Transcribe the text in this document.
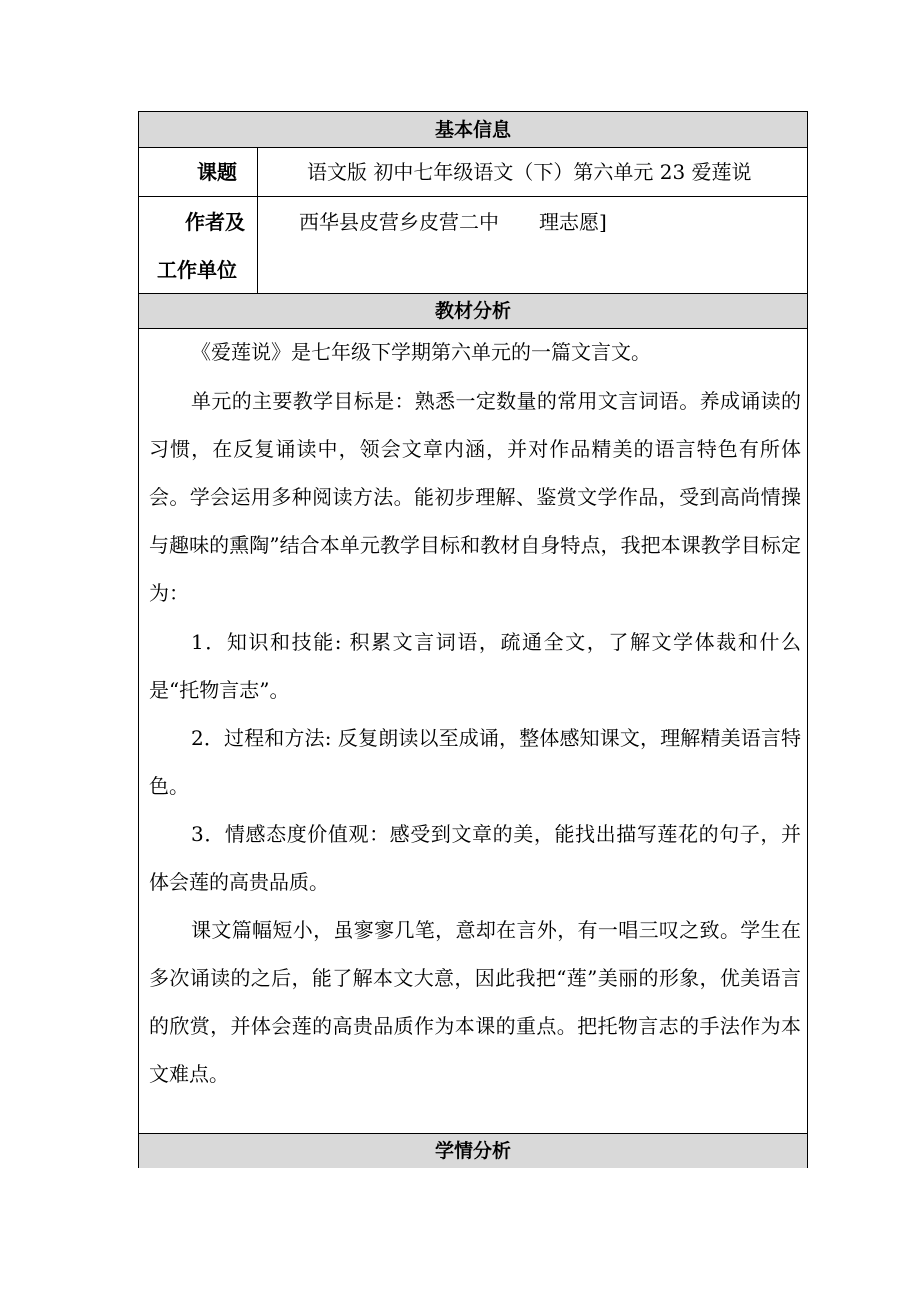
基本信息
课题	语文版 初中七年级语文（下）第六单元 23 爱莲说
作者及
工作单位
西华县皮营乡皮营二中　　理志愿]
教材分析

《爱莲说》是七年级下学期第六单元的一篇文言文。

单元的主要教学目标是：熟悉一定数量的常用文言词语。养成诵读的习惯，在反复诵读中，领会文章内涵，并对作品精美的语言特色有所体会。学会运用多种阅读方法。能初步理解、鉴赏文学作品，受到高尚情操与趣味的熏陶”结合本单元教学目标和教材自身特点，我把本课教学目标定为：

1．知识和技能: 积累文言词语，疏通全文，了解文学体裁和什么是“托物言志”。

2．过程和方法: 反复朗读以至成诵，整体感知课文，理解精美语言特色。

3．情感态度价值观：感受到文章的美，能找出描写莲花的句子，并体会莲的高贵品质。

课文篇幅短小，虽寥寥几笔，意却在言外，有一唱三叹之致。学生在多次诵读的之后，能了解本文大意，因此我把“莲”美丽的形象，优美语言的欣赏，并体会莲的高贵品质作为本课的重点。把托物言志的手法作为本文难点。

学情分析
